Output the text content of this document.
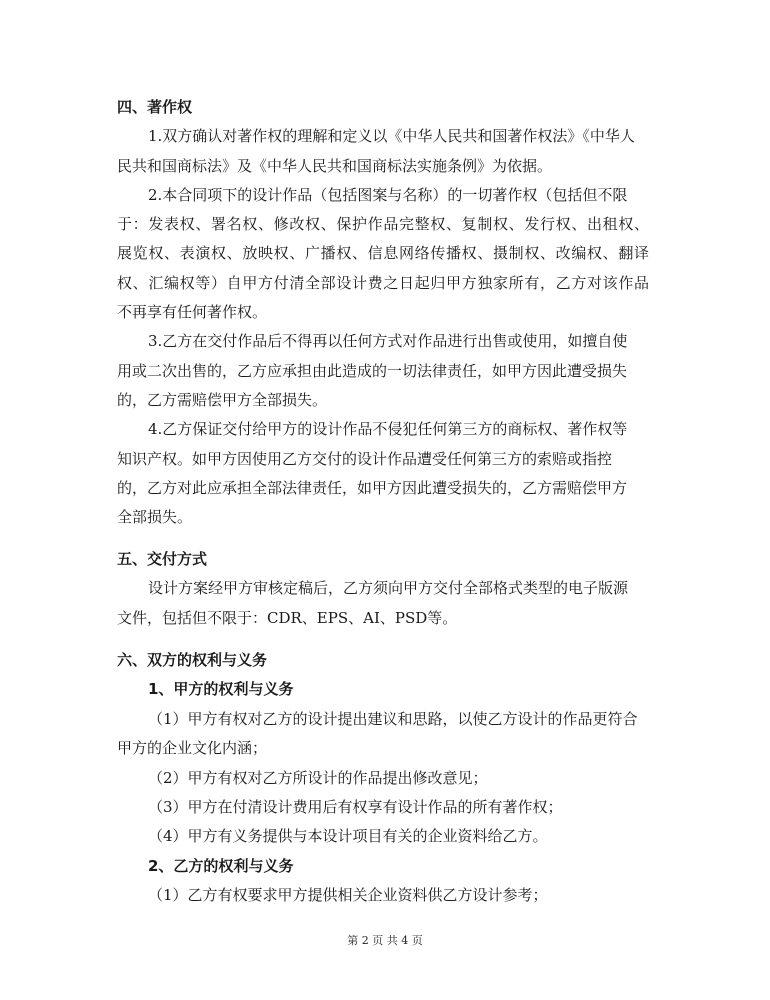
四、著作权
1.双方确认对著作权的理解和定义以《中华人民共和国著作权法》《中华人
民共和国商标法》及《中华人民共和国商标法实施条例》为依据。
2.本合同项下的设计作品（包括图案与名称）的一切著作权（包括但不限
于：发表权、署名权、修改权、保护作品完整权、复制权、发行权、出租权、
展览权、表演权、放映权、广播权、信息网络传播权、摄制权、改编权、翻译
权、汇编权等）自甲方付清全部设计费之日起归甲方独家所有，乙方对该作品
不再享有任何著作权。
3.乙方在交付作品后不得再以任何方式对作品进行出售或使用，如擅自使
用或二次出售的，乙方应承担由此造成的一切法律责任，如甲方因此遭受损失
的，乙方需赔偿甲方全部损失。
4.乙方保证交付给甲方的设计作品不侵犯任何第三方的商标权、著作权等
知识产权。如甲方因使用乙方交付的设计作品遭受任何第三方的索赔或指控
的，乙方对此应承担全部法律责任，如甲方因此遭受损失的，乙方需赔偿甲方
全部损失。
五、交付方式
设计方案经甲方审核定稿后，乙方须向甲方交付全部格式类型的电子版源
文件，包括但不限于：CDR、EPS、AI、PSD等。
六、双方的权利与义务
1、甲方的权利与义务
（1）甲方有权对乙方的设计提出建议和思路，以使乙方设计的作品更符合
甲方的企业文化内涵；
（2）甲方有权对乙方所设计的作品提出修改意见；
（3）甲方在付清设计费用后有权享有设计作品的所有著作权；
（4）甲方有义务提供与本设计项目有关的企业资料给乙方。
2、乙方的权利与义务
（1）乙方有权要求甲方提供相关企业资料供乙方设计参考；
第 2 页 共 4 页
